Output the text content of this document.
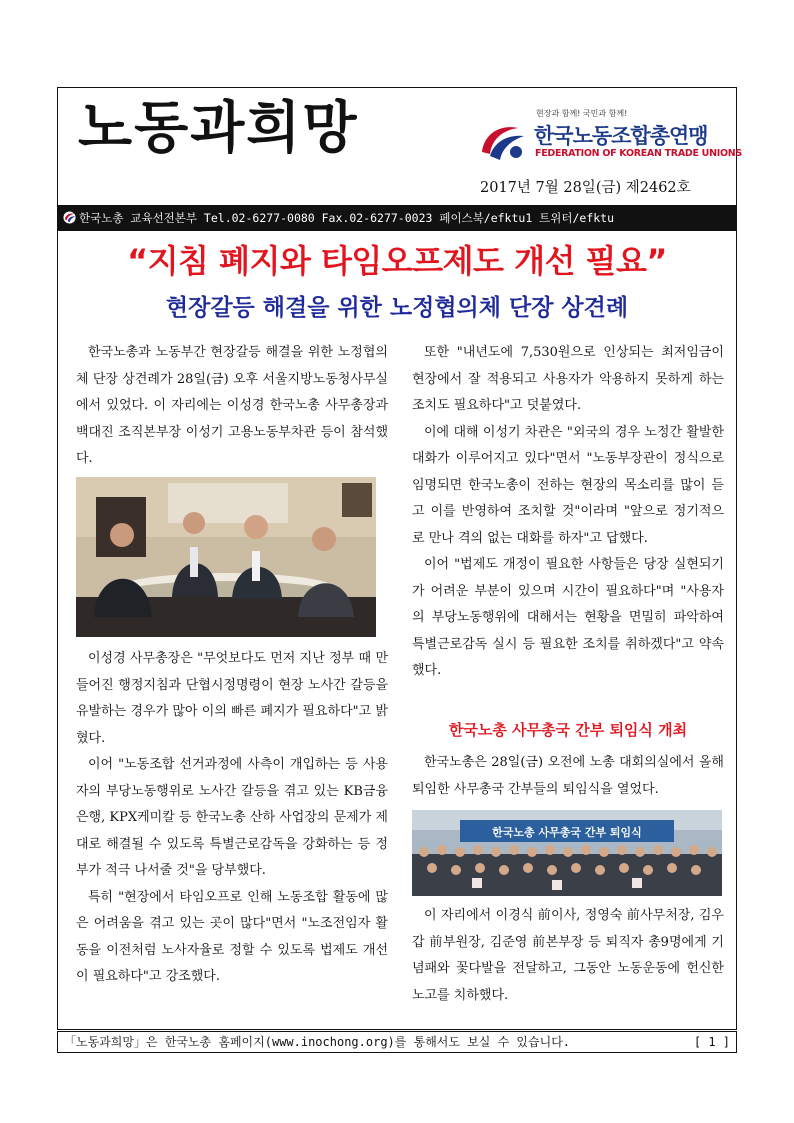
노동과희망	현장과 함께! 국민과 함께!
한국노동조합총연맹
FEDERATION OF KOREAN TRADE UNIONS
2017년 7월 28일(금) 제2462호
한국노총 교육선전본부 Tel.02-6277-0080 Fax.02-6277-0023 페이스북/efktu1 트위터/efktu
“지침 폐지와 타임오프제도 개선 필요”
현장갈등 해결을 위한 노정협의체 단장 상견례

한국노총과 노동부간 현장갈등 해결을 위한 노정협의체 단장 상견례가 28일(금) 오후 서울지방노동청사무실에서 있었다. 이 자리에는 이성경 한국노총 사무총장과 백대진 조직본부장 이성기 고용노동부차관 등이 참석했다.

이성경 사무총장은 "무엇보다도 먼저 지난 정부 때 만들어진 행정지침과 단협시정명령이 현장 노사간 갈등을 유발하는 경우가 많아 이의 빠른 폐지가 필요하다"고 밝혔다.

이어 "노동조합 선거과정에 사측이 개입하는 등 사용자의 부당노동행위로 노사간 갈등을 겪고 있는 KB금융은행, KPX케미칼 등 한국노총 산하 사업장의 문제가 제대로 해결될 수 있도록 특별근로감독을 강화하는 등 정부가 적극 나서줄 것"을 당부했다.

특히 "현장에서 타임오프로 인해 노동조합 활동에 많은 어려움을 겪고 있는 곳이 많다"면서 "노조전임자 활동을 이전처럼 노사자율로 정할 수 있도록 법제도 개선이 필요하다"고 강조했다.

또한 "내년도에 7,530원으로 인상되는 최저임금이 현장에서 잘 적용되고 사용자가 악용하지 못하게 하는 조치도 필요하다"고 덧붙였다.

이에 대해 이성기 차관은 "외국의 경우 노정간 활발한 대화가 이루어지고 있다"면서 "노동부장관이 정식으로 임명되면 한국노총이 전하는 현장의 목소리를 많이 듣고 이를 반영하여 조치할 것"이라며 "앞으로 정기적으로 만나 격의 없는 대화를 하자"고 답했다.

이어 "법제도 개정이 필요한 사항들은 당장 실현되기가 어려운 부분이 있으며 시간이 필요하다"며 "사용자의 부당노동행위에 대해서는 현황을 면밀히 파악하여 특별근로감독 실시 등 필요한 조치를 취하겠다"고 약속했다.

한국노총 사무총국 간부 퇴임식 개최

한국노총은 28일(금) 오전에 노총 대회의실에서 올해 퇴임한 사무총국 간부들의 퇴임식을 열었다.

한국노총 사무총국 간부 퇴임식

이 자리에서 이경식 前이사, 정영숙 前사무처장, 김우갑 前부원장, 김준영 前본부장 등 퇴직자 총9명에게 기념패와 꽃다발을 전달하고, 그동안 노동운동에 헌신한 노고를 치하했다.

「노동과희망」은 한국노총 홈페이지(www.inochong.org)를 통해서도 보실 수 있습니다.	[ 1 ]
